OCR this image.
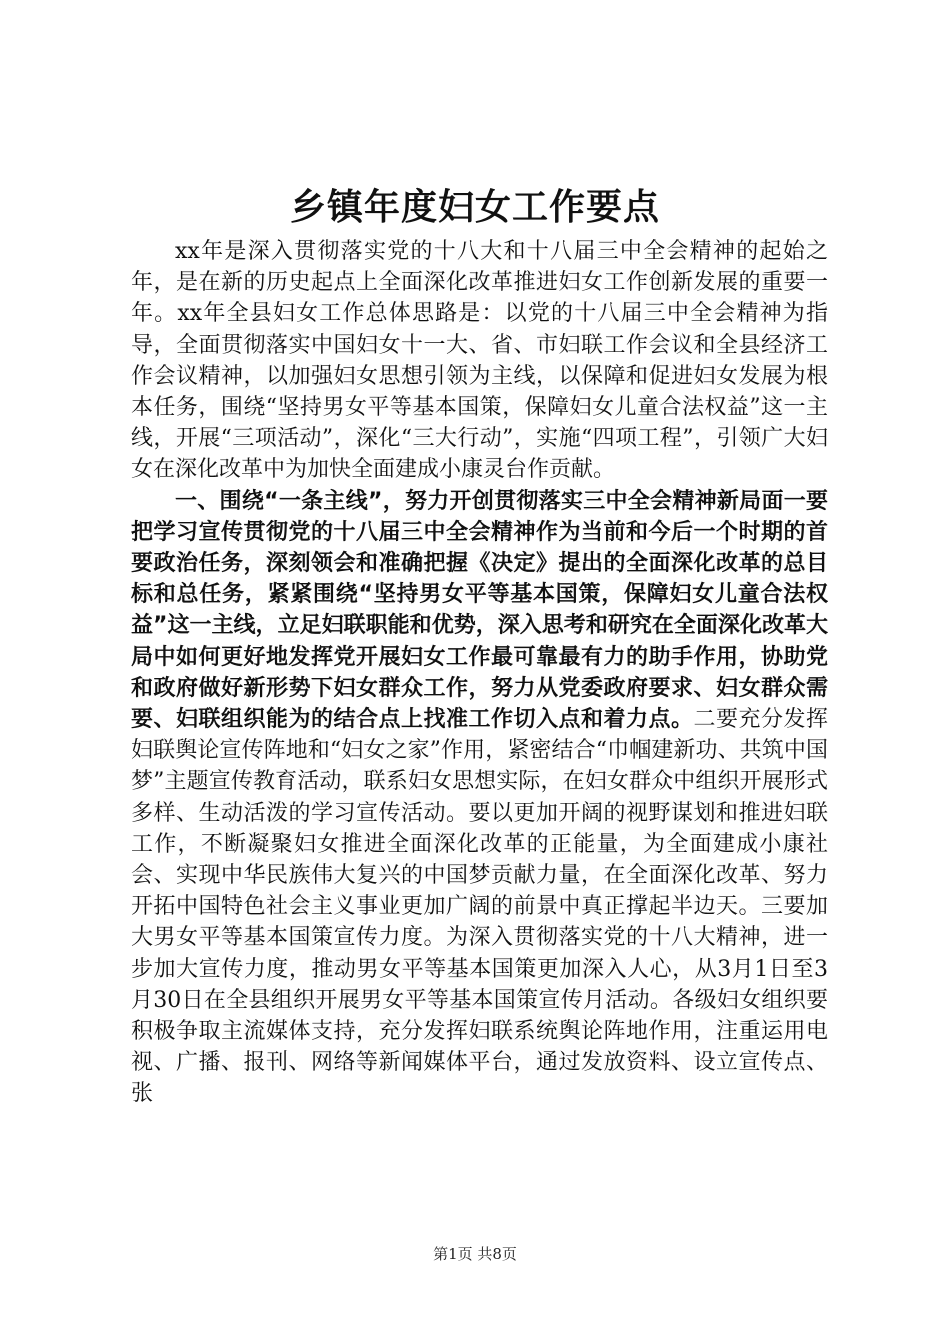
乡镇年度妇女工作要点

xx年是深入贯彻落实党的十八大和十八届三中全会精神的起始之年，是在新的历史起点上全面深化改革推进妇女工作创新发展的重要一年。xx年全县妇女工作总体思路是：以党的十八届三中全会精神为指导，全面贯彻落实中国妇女十一大、省、市妇联工作会议和全县经济工作会议精神，以加强妇女思想引领为主线，以保障和促进妇女发展为根本任务，围绕“坚持男女平等基本国策，保障妇女儿童合法权益”这一主线，开展“三项活动”，深化“三大行动”，实施“四项工程”，引领广大妇女在深化改革中为加快全面建成小康灵台作贡献。

一、围绕“一条主线”，努力开创贯彻落实三中全会精神新局面一要把学习宣传贯彻党的十八届三中全会精神作为当前和今后一个时期的首要政治任务，深刻领会和准确把握《决定》提出的全面深化改革的总目标和总任务，紧紧围绕“坚持男女平等基本国策，保障妇女儿童合法权益”这一主线，立足妇联职能和优势，深入思考和研究在全面深化改革大局中如何更好地发挥党开展妇女工作最可靠最有力的助手作用，协助党和政府做好新形势下妇女群众工作，努力从党委政府要求、妇女群众需要、妇联组织能为的结合点上找准工作切入点和着力点。二要充分发挥妇联舆论宣传阵地和“妇女之家”作用，紧密结合“巾帼建新功、共筑中国梦”主题宣传教育活动，联系妇女思想实际，在妇女群众中组织开展形式多样、生动活泼的学习宣传活动。要以更加开阔的视野谋划和推进妇联工作，不断凝聚妇女推进全面深化改革的正能量，为全面建成小康社会、实现中华民族伟大复兴的中国梦贡献力量，在全面深化改革、努力开拓中国特色社会主义事业更加广阔的前景中真正撑起半边天。三要加大男女平等基本国策宣传力度。为深入贯彻落实党的十八大精神，进一步加大宣传力度，推动男女平等基本国策更加深入人心，从3月1日至3月30日在全县组织开展男女平等基本国策宣传月活动。各级妇女组织要积极争取主流媒体支持，充分发挥妇联系统舆论阵地作用，注重运用电视、广播、报刊、网络等新闻媒体平台，通过发放资料、设立宣传点、张

第1页 共8页
